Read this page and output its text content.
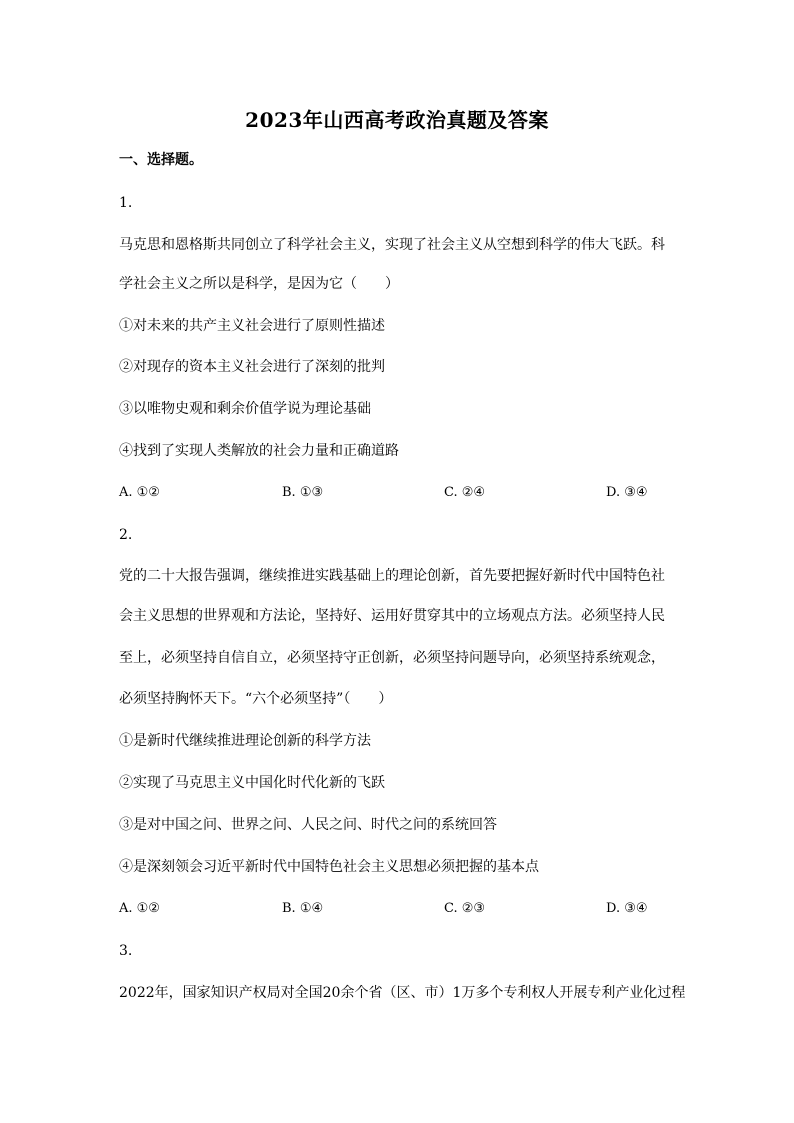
2023年山西高考政治真题及答案
一、选择题。
1.
马克思和恩格斯共同创立了科学社会主义，实现了社会主义从空想到科学的伟大飞跃。科
学社会主义之所以是科学，是因为它（　　）
①对未来的共产主义社会进行了原则性描述
②对现存的资本主义社会进行了深刻的批判
③以唯物史观和剩余价值学说为理论基础
④找到了实现人类解放的社会力量和正确道路
A. ①②	B. ①③	C. ②④	D. ③④
2.
党的二十大报告强调，继续推进实践基础上的理论创新，首先要把握好新时代中国特色社
会主义思想的世界观和方法论，坚持好、运用好贯穿其中的立场观点方法。必须坚持人民
至上，必须坚持自信自立，必须坚持守正创新，必须坚持问题导向，必须坚持系统观念，
必须坚持胸怀天下。“六个必须坚持”（　　）
①是新时代继续推进理论创新的科学方法
②实现了马克思主义中国化时代化新的飞跃
③是对中国之问、世界之问、人民之问、时代之问的系统回答
④是深刻领会习近平新时代中国特色社会主义思想必须把握的基本点
A. ①②	B. ①④	C. ②③	D. ③④
3.
2022年，国家知识产权局对全国20余个省（区、市）1万多个专利权人开展专利产业化过程
